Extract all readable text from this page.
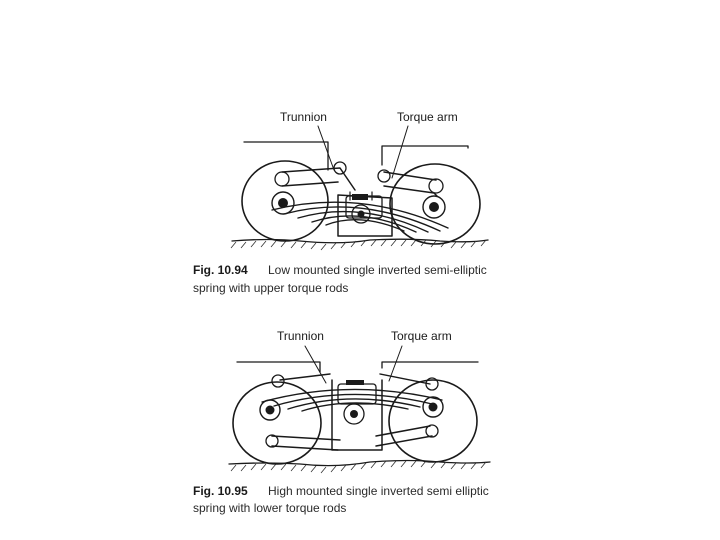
Trunnion	Torque arm
Fig. 10.94 Low mounted single inverted semi-elliptic
spring with upper torque rods
Trunnion	Torque arm
Fig. 10.95 High mounted single inverted semi elliptic
spring with lower torque rods
